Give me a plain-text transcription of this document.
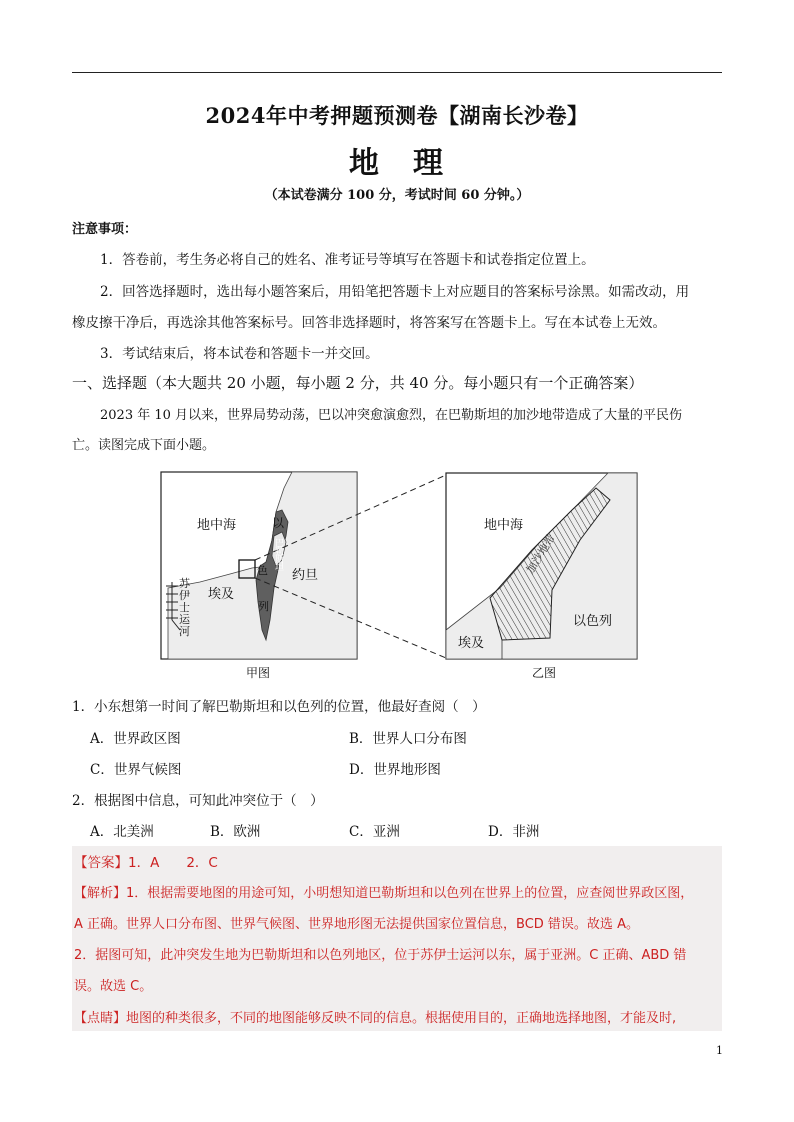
2024年中考押题预测卷【湖南长沙卷】
地　理
（本试卷满分 100 分，考试时间 60 分钟。）
注意事项：
1．答卷前，考生务必将自己的姓名、准考证号等填写在答题卡和试卷指定位置上。
2．回答选择题时，选出每小题答案后，用铅笔把答题卡上对应题目的答案标号涂黑。如需改动，用
橡皮擦干净后，再选涂其他答案标号。回答非选择题时，将答案写在答题卡上。写在本试卷上无效。
3．考试结束后，将本试卷和答题卡一并交回。
一、选择题（本大题共 20 小题，每小题 2 分，共 40 分。每小题只有一个正确答案）
2023 年 10 月以来，世界局势动荡，巴以冲突愈演愈烈，在巴勒斯坦的加沙地带造成了大量的平民伤
亡。读图完成下面小题。
地中海	以
色
列
巴
勒
斯
坦 约旦
埃及
苏
伊
士
运
河
甲图
地中海
加沙地带
以色列
埃及
乙图
1．小东想第一时间了解巴勒斯坦和以色列的位置，他最好查阅（　）
A．世界政区图	B．世界人口分布图
C．世界气候图	D．世界地形图
2．根据图中信息，可知此冲突位于（　）
A．北美洲	B．欧洲	C．亚洲	D．非洲
【答案】1．A　　2．C
【解析】1．根据需要地图的用途可知，小明想知道巴勒斯坦和以色列在世界上的位置，应查阅世界政区图，
A 正确。世界人口分布图、世界气候图、世界地形图无法提供国家位置信息，BCD 错误。故选 A。
2．据图可知，此冲突发生地为巴勒斯坦和以色列地区，位于苏伊士运河以东，属于亚洲。C 正确、ABD 错
误。故选 C。
【点睛】地图的种类很多，不同的地图能够反映不同的信息。根据使用目的，正确地选择地图，才能及时,
1
